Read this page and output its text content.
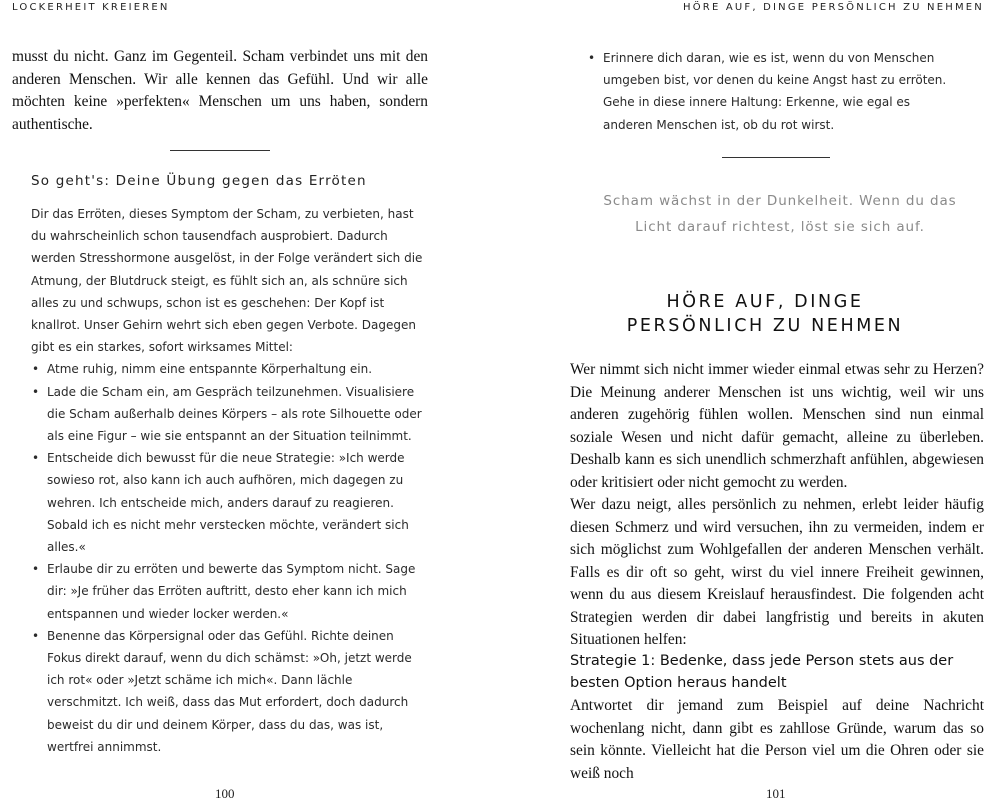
LOCKERHEIT KREIEREN

musst du nicht. Ganz im Gegenteil. Scham verbindet uns mit den anderen Menschen. Wir alle kennen das Gefühl. Und wir alle möchten keine »perfekten« Menschen um uns haben, sondern authentische.

So geht's: Deine Übung gegen das Erröten

Dir das Erröten, dieses Symptom der Scham, zu verbieten, hast du wahrscheinlich schon tausendfach ausprobiert. Dadurch werden Stresshormone ausgelöst, in der Folge verändert sich die Atmung, der Blutdruck steigt, es fühlt sich an, als schnüre sich alles zu und schwups, schon ist es geschehen: Der Kopf ist knallrot. Unser Gehirn wehrt sich eben gegen Verbote. Dagegen gibt es ein starkes, sofort wirksames Mittel:

• Atme ruhig, nimm eine entspannte Körperhaltung ein.
• Lade die Scham ein, am Gespräch teilzunehmen. Visualisiere die Scham außerhalb deines Körpers – als rote Silhouette oder als eine Figur – wie sie entspannt an der Situation teilnimmt.
• Entscheide dich bewusst für die neue Strategie: »Ich werde sowieso rot, also kann ich auch aufhören, mich dagegen zu wehren. Ich entscheide mich, anders darauf zu reagieren. Sobald ich es nicht mehr verstecken möchte, verändert sich alles.«
• Erlaube dir zu erröten und bewerte das Symptom nicht. Sage dir: »Je früher das Erröten auftritt, desto eher kann ich mich entspannen und wieder locker werden.«
• Benenne das Körpersignal oder das Gefühl. Richte deinen Fokus direkt darauf, wenn du dich schämst: »Oh, jetzt werde ich rot« oder »Jetzt schäme ich mich«. Dann lächle verschmitzt. Ich weiß, dass das Mut erfordert, doch dadurch beweist du dir und deinem Körper, dass du das, was ist, wertfrei annimmst.
100
HÖRE AUF, DINGE PERSÖNLICH ZU NEHMEN
• Erinnere dich daran, wie es ist, wenn du von Menschen umgeben bist, vor denen du keine Angst hast zu erröten. Gehe in diese innere Haltung: Erkenne, wie egal es anderen Menschen ist, ob du rot wirst.
Scham wächst in der Dunkelheit. Wenn du das Licht darauf richtest, löst sie sich auf.
HÖRE AUF, DINGE PERSÖNLICH ZU NEHMEN

Wer nimmt sich nicht immer wieder einmal etwas sehr zu Herzen? Die Meinung anderer Menschen ist uns wichtig, weil wir uns anderen zugehörig fühlen wollen. Menschen sind nun einmal soziale Wesen und nicht dafür gemacht, alleine zu überleben. Deshalb kann es sich unendlich schmerzhaft anfühlen, abgewiesen oder kritisiert oder nicht gemocht zu werden.

Wer dazu neigt, alles persönlich zu nehmen, erlebt leider häufig diesen Schmerz und wird versuchen, ihn zu vermeiden, indem er sich möglichst zum Wohlgefallen der anderen Menschen verhält. Falls es dir oft so geht, wirst du viel innere Freiheit gewinnen, wenn du aus diesem Kreislauf herausfindest. Die folgenden acht Strategien werden dir dabei langfristig und bereits in akuten Situationen helfen:

Strategie 1: Bedenke, dass jede Person stets aus der besten Option heraus handelt

Antwortet dir jemand zum Beispiel auf deine Nachricht wochenlang nicht, dann gibt es zahllose Gründe, warum das so sein könnte. Vielleicht hat die Person viel um die Ohren oder sie weiß noch

101
